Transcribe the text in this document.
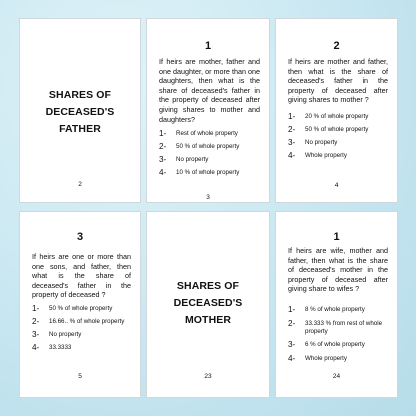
SHARES OF DECEASED'S FATHER
2
1
If heirs are mother, father and one daughter, or more than one daughters, then what is the share of deceased's father in the property of deceased after giving shares to mother and daughters?
1-	Rest of whole property
2-	50 % of whole property
3-	No property
4-	10 % of whole property
3
2
If heirs are mother and father, then what is the share of deceased's father in the property of deceased after giving shares to mother ?
1-	20 % of whole property
2-	50 % of whole property
3-	No property
4-	Whole property
4
3
If heirs are one or more than one sons, and father, then what is the share of deceased's father in the property of deceased ?
1-	50 % of whole property
2-	16.66.. % of whole property
3-	No property
4-	33.3333
5
SHARES OF DECEASED'S MOTHER
23
1
If heirs are wife, mother and father, then what is the share of deceased's mother in the property of deceased after giving share to wifes ?
1-	8 % of whole property
2-	33.333 % from rest of whole property
3-	6 % of whole property
4-	Whole property
24
